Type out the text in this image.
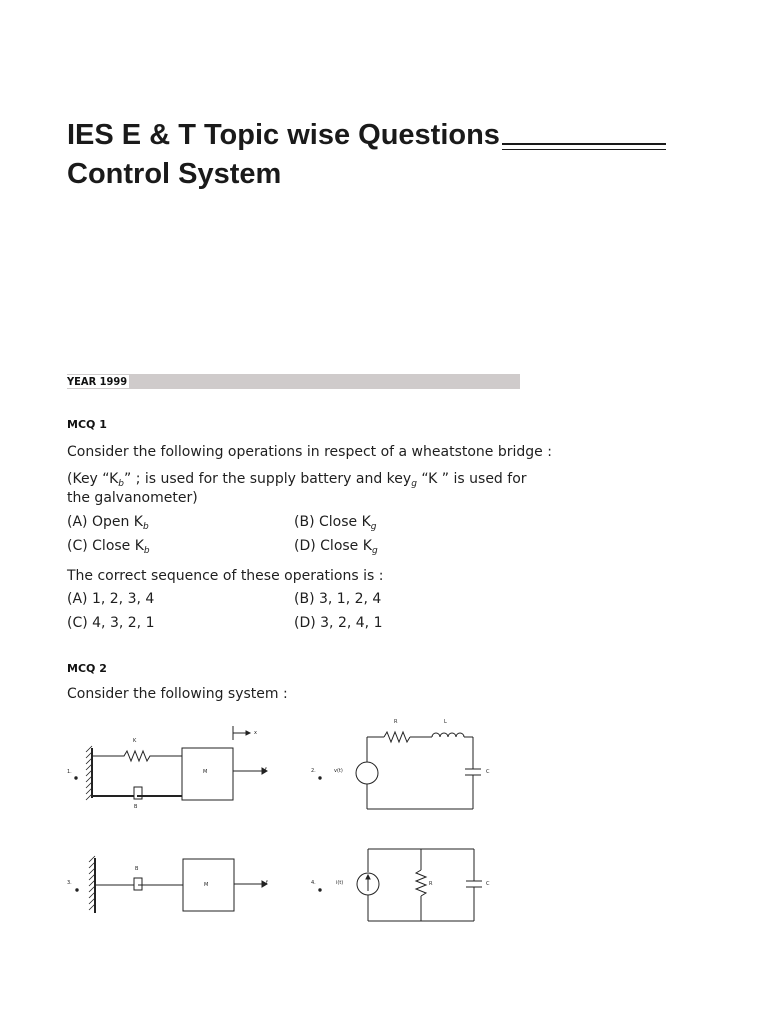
IES E & T Topic wise Questions
Control System
YEAR 1999
MCQ 1
Consider the following operations in respect of a wheatstone bridge :
(Key “$K_b$” ; is used for the supply battery and key$_g$ “K ” is used for
the galvanometer)
(A) Open $K_b$	(B) Close $K_g$
(C) Close $K_b$	(D) Close $K_g$
The correct sequence of these operations is :
(A) 1, 2, 3, 4	(B) 3, 1, 2, 4
(C) 4, 3, 2, 1	(D) 3, 2, 4, 1
MCQ 2
Consider the following system :
1.
K
B
M	f
x
2.	v(t)
R	L
C
3.
B
M	f	4.	i(t)	R	C
